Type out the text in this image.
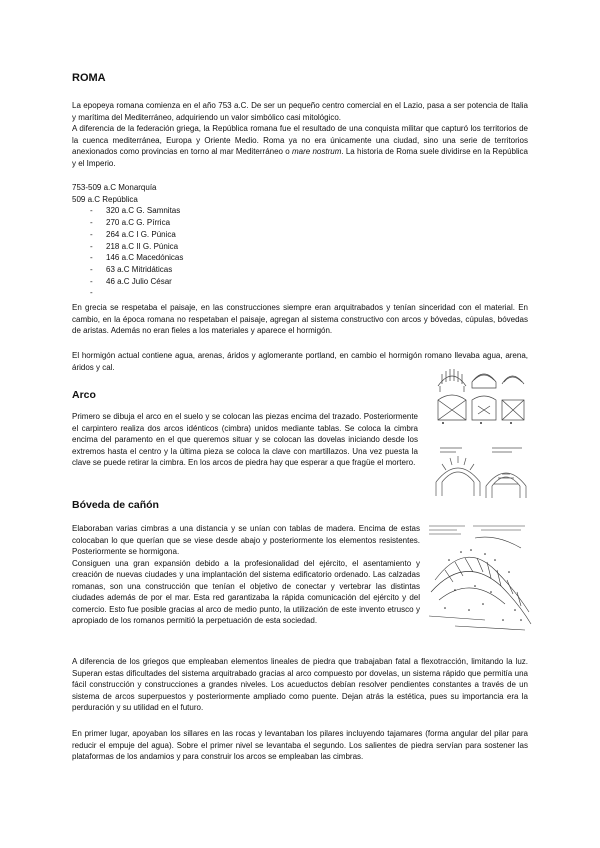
ROMA

La epopeya romana comienza en el año 753 a.C. De ser un pequeño centro comercial en el Lazio, pasa a ser potencia de Italia y marítima del Mediterráneo, adquiriendo un valor simbólico casi mitológico.

A diferencia de la federación griega, la República romana fue el resultado de una conquista militar que capturó los territorios de la cuenca mediterránea, Europa y Oriente Medio. Roma ya no era únicamente una ciudad, sino una serie de territorios anexionados como provincias en torno al mar Mediterráneo o mare nostrum. La historia de Roma suele dividirse en la República y el Imperio.

753-509 a.C Monarquía
509 a.C República
- 320 a.C G. Samnitas
- 270 a.C G. Pírrica
- 264 a.C I G. Púnica
- 218 a.C II G. Púnica
- 146 a.C Macedónicas
- 63 a.C Mitridáticas
- 46 a.C Julio César
-
En grecia se respetaba el paisaje, en las construcciones siempre eran arquitrabados y tenían sinceridad con el material. En cambio, en la época romana no respetaban el paisaje, agregan al sistema constructivo con arcos y bóvedas, cúpulas, bóvedas de aristas. Además no eran fieles a los materiales y aparece el hormigón.
El hormigón actual contiene agua, arenas, áridos y aglomerante portland, en cambio el hormigón romano llevaba agua, arena, áridos y cal.
Arco
Primero se dibuja el arco en el suelo y se colocan las piezas encima del trazado. Posteriormente el carpintero realiza dos arcos idénticos (cimbra) unidos mediante tablas. Se coloca la cimbra encima del paramento en el que queremos situar y se colocan las dovelas iniciando desde los extremos hasta el centro y la última pieza se coloca la clave con martillazos. Una vez puesta la clave se puede retirar la cimbra. En los arcos de piedra hay que esperar a que fragüe el mortero.
Bóveda de cañón

Elaboraban varias cimbras a una distancia y se unían con tablas de madera. Encima de estas colocaban lo que querían que se viese desde abajo y posteriormente los elementos resistentes. Posteriormente se hormigona.

Consiguen una gran expansión debido a la profesionalidad del ejército, el asentamiento y creación de nuevas ciudades y una implantación del sistema edificatorio ordenado. Las calzadas romanas, son una construcción que tenían el objetivo de conectar y vertebrar las distintas ciudades además de por el mar. Esta red garantizaba la rápida comunicación del ejército y del comercio. Esto fue posible gracias al arco de medio punto, la utilización de este invento etrusco y apropiado de los romanos permitió la perpetuación de esta sociedad.

A diferencia de los griegos que empleaban elementos lineales de piedra que trabajaban fatal a flexotracción, limitando la luz. Superan estas dificultades del sistema arquitrabado gracias al arco compuesto por dovelas, un sistema rápido que permitía una fácil construcción y construcciones a grandes niveles. Los acueductos debían resolver pendientes constantes a través de un sistema de arcos superpuestos y posteriormente ampliado como puente. Dejan atrás la estética, pues su importancia era la perduración y su utilidad en el futuro.
En primer lugar, apoyaban los sillares en las rocas y levantaban los pilares incluyendo tajamares (forma angular del pilar para reducir el empuje del agua). Sobre el primer nivel se levantaba el segundo. Los salientes de piedra servían para sostener las plataformas de los andamios y para construir los arcos se empleaban las cimbras.
